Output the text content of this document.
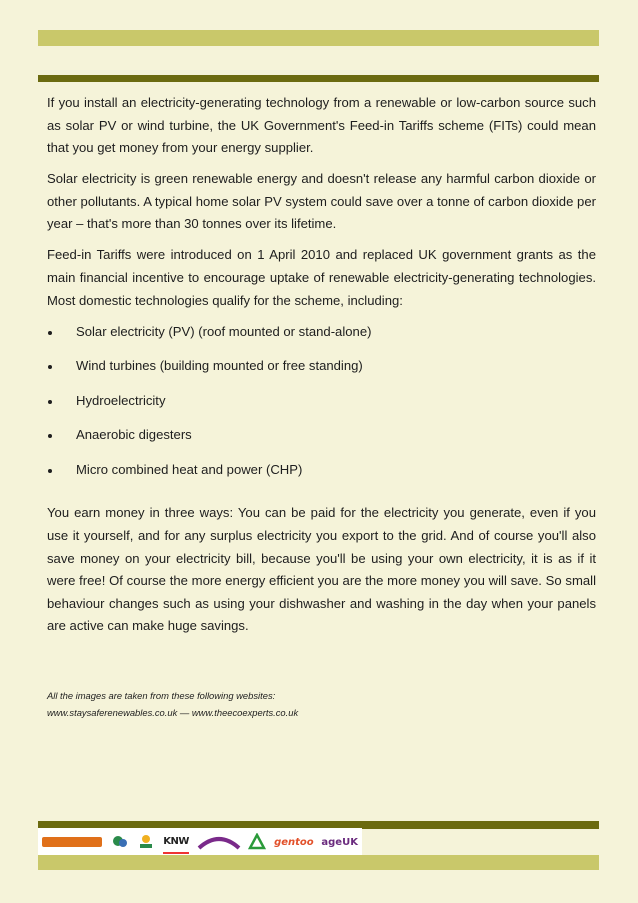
If you install an electricity-generating technology from a renewable or low-carbon source such as solar PV or wind turbine, the UK Government's Feed-in Tariffs scheme (FITs) could mean that you get money from your energy supplier.

Solar electricity is green renewable energy and doesn't release any harmful carbon dioxide or other pollutants. A typical home solar PV system could save over a tonne of carbon dioxide per year – that's more than 30 tonnes over its lifetime.

Feed-in Tariffs were introduced on 1 April 2010 and replaced UK government grants as the main financial incentive to encourage uptake of renewable electricity-generating technologies. Most domestic technologies qualify for the scheme, including:

Solar electricity (PV) (roof mounted or stand-alone)
Wind turbines (building mounted or free standing)
Hydroelectricity
Anaerobic digesters
Micro combined heat and power (CHP)

You earn money in three ways: You can be paid for the electricity you generate, even if you use it yourself, and for any surplus electricity you export to the grid. And of course you'll also save money on your electricity bill, because you'll be using your own electricity, it is as if it were free! Of course the more energy efficient you are the more money you will save. So small behaviour changes such as using your dishwasher and washing in the day when your panels are active can make huge savings.

All the images are taken from these following websites:
www.staysaferenewables.co.uk — www.theecoexperts.co.uk
KNW	gentoo ageUK
